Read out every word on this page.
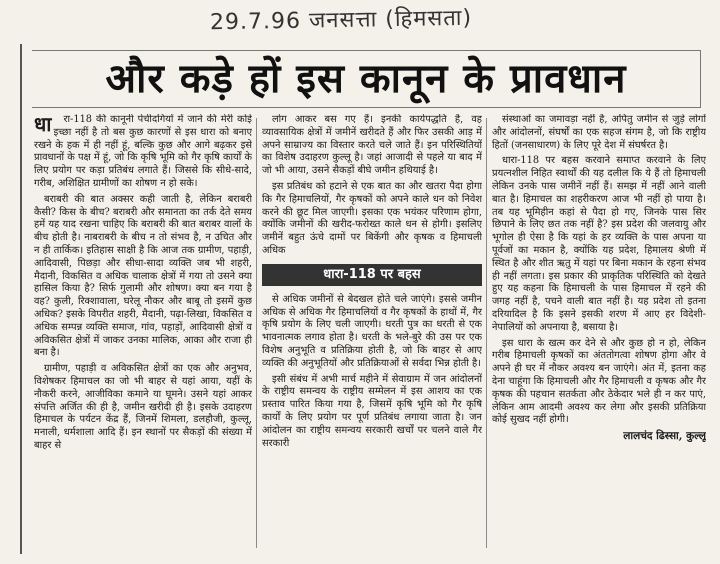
29.7.96 जनसत्ता (हिमसता)
और कड़े हों इस कानून के प्रावधान

धा रा-118 की कानूनी पेचीदगियों में जाने की मेरी कोई इच्छा नहीं है तो बस कुछ कारणों से इस धारा को बनाए रखने के हक में ही नहीं हूं, बल्कि कुछ और आगे बढ़कर इसे प्रावधानों के पक्ष में हूं, जो कि कृषि भूमि को गैर कृषि कार्यों के लिए प्रयोग पर कड़ा प्रतिबंध लगाते हैं। जिससे कि सीधे-सादे, गरीब, अशिक्षित ग्रामीणों का शोषण न हो सके।

बराबरी की बात अक्सर कही जाती है, लेकिन बराबरी कैसी? किस के बीच? बराबरी और समानता का तर्क देते समय हमें यह याद रखना चाहिए कि बराबरी की बात बराबर वालों के बीच होती है। नाबराबरी के बीच न तो संभव है, न उचित और न ही तार्किक। इतिहास साक्षी है कि आज तक ग्रामीण, पहाड़ी, आदिवासी, पिछड़ा और सीधा-सादा व्यक्ति जब भी शहरी, मैदानी, विकसित व अधिक चालाक क्षेत्रों में गया तो उसने क्या हासिल किया है? सिर्फ गुलामी और शोषण। क्या बन गया है वह? कुली, रिक्शावाला, घरेलू नौकर और बाबू तो इसमें कुछ अधिक? इसके विपरीत शहरी, मैदानी, पढ़ा-लिखा, विकसित व अधिक सम्पन्न व्यक्ति समाज, गांव, पहाड़ों, आदिवासी क्षेत्रों व अविकसित क्षेत्रों में जाकर उनका मालिक, आका और राजा ही बना है।

ग्रामीण, पहाड़ी व अविकसित क्षेत्रों का एक और अनुभव, विशेषकर हिमाचल का जो भी बाहर से यहां आया, यहीं के नौकरी करने, आजीविका कमाने या घूमने। उसने यहां आकर संपत्ति अर्जित की ही है, जमीन खरीदी ही है। इसके उदाहरण हिमाचल के पर्यटन केंद्र हैं, जिनमें शिमला, डलहौजी, कुल्लू, मनाली, धर्मशाला आदि हैं। इन स्थानों पर सैकड़ों की संख्या में बाहर से

लोग आकर बस गए हैं। इनकी कार्यपद्धति है, वह व्यावसायिक क्षेत्रों में जमीनें खरीदते हैं और फिर उसकी आड़ में अपने साम्राज्य का विस्तार करते चले जाते हैं। इन परिस्थितियों का विशेष उदाहरण कुल्लू है। जहां आजादी से पहले या बाद में जो भी आया, उसने सैकड़ों बीघे जमीन हथियाई है।

इस प्रतिबंध को हटाने से एक बात का और खतरा पैदा होगा कि गैर हिमाचलियों, गैर कृषकों को अपने काले धन को निवेश करने की छूट मिल जाएगी। इसका एक भयंकर परिणाम होगा, क्योंकि जमीनों की खरीद-फरोख्त काले धन से होगी। इसलिए जमीनें बहुत ऊंचे दामों पर बिकेंगी और कृषक व हिमाचली अधिक

धारा-118 पर बहस

से अधिक जमीनों से बेदखल होते चले जाएंगे। इससे जमीन अधिक से अधिक गैर हिमाचलियों व गैर कृषकों के हाथों में, गैर कृषि प्रयोग के लिए चली जाएगी। धरती पुत्र का धरती से एक भावनात्मक लगाव होता है। धरती के भले-बुरे की उस पर एक विशेष अनुभूति व प्रतिक्रिया होती है, जो कि बाहर से आए व्यक्ति की अनुभूतियों और प्रतिक्रियाओं से सर्वदा भिन्न होती है।

इसी संबंध में अभी मार्च महीने में सेवाग्राम में जन आंदोलनों के राष्ट्रीय समन्वय के राष्ट्रीय सम्मेलन में इस आशय का एक प्रस्ताव पारित किया गया है, जिसमें कृषि भूमि को गैर कृषि कार्यों के लिए प्रयोग पर पूर्ण प्रतिबंध लगाया जाता है। जन आंदोलन का राष्ट्रीय समन्वय सरकारी खर्चों पर चलने वाले गैर सरकारी

संस्थाओं का जमावड़ा नहीं है, अपितु जमीन से जुड़े लोगों और आंदोलनों, संघर्षों का एक सहज संगम है, जो कि राष्ट्रीय हितों (जनसाधारण) के लिए पूरे देश में संघर्षरत है।

धारा-118 पर बहस करवाने समाप्त करवाने के लिए प्रयत्नशील निहित स्वार्थों की यह दलील कि ये हैं तो हिमाचली लेकिन उनके पास जमीनें नहीं हैं। समझ में नहीं आने वाली बात है। हिमाचल का शहरीकरण आज भी नहीं हो पाया है। तब यह भूमिहीन कहां से पैदा हो गए, जिनके पास सिर छिपाने के लिए छत तक नहीं है? इस प्रदेश की जलवायु और भूगोल ही ऐसा है कि यहां के हर व्यक्ति के पास अपना या पूर्वजों का मकान है, क्योंकि यह प्रदेश, हिमालय श्रेणी में स्थित है और शीत ऋतु में यहां पर बिना मकान के रहना संभव ही नहीं लगता। इस प्रकार की प्राकृतिक परिस्थिति को देखते हुए यह कहना कि हिमाचली के पास हिमाचल में रहने की जगह नहीं है, पचने वाली बात नहीं है। यह प्रदेश तो इतना दरियादिल है कि इसने इसकी शरण में आए हर विदेशी-नेपालियों को अपनाया है, बसाया है।

इस धारा के खत्म कर देने से और कुछ हो न हो, लेकिन गरीब हिमाचली कृषकों का अंततोगत्वा शोषण होगा और वे अपने ही घर में नौकर अवश्य बन जाएंगे। अंत में, इतना कह देना चाहूंगा कि हिमाचली और गैर हिमाचली व कृषक और गैर कृषक की पहचान सतर्कता और ठेकेदार भले ही न कर पाएं, लेकिन आम आदमी अवश्य कर लेगा और इसकी प्रतिक्रिया कोई सुखद नहीं होगी।

लालचंद ढिस्सा, कुल्लू
